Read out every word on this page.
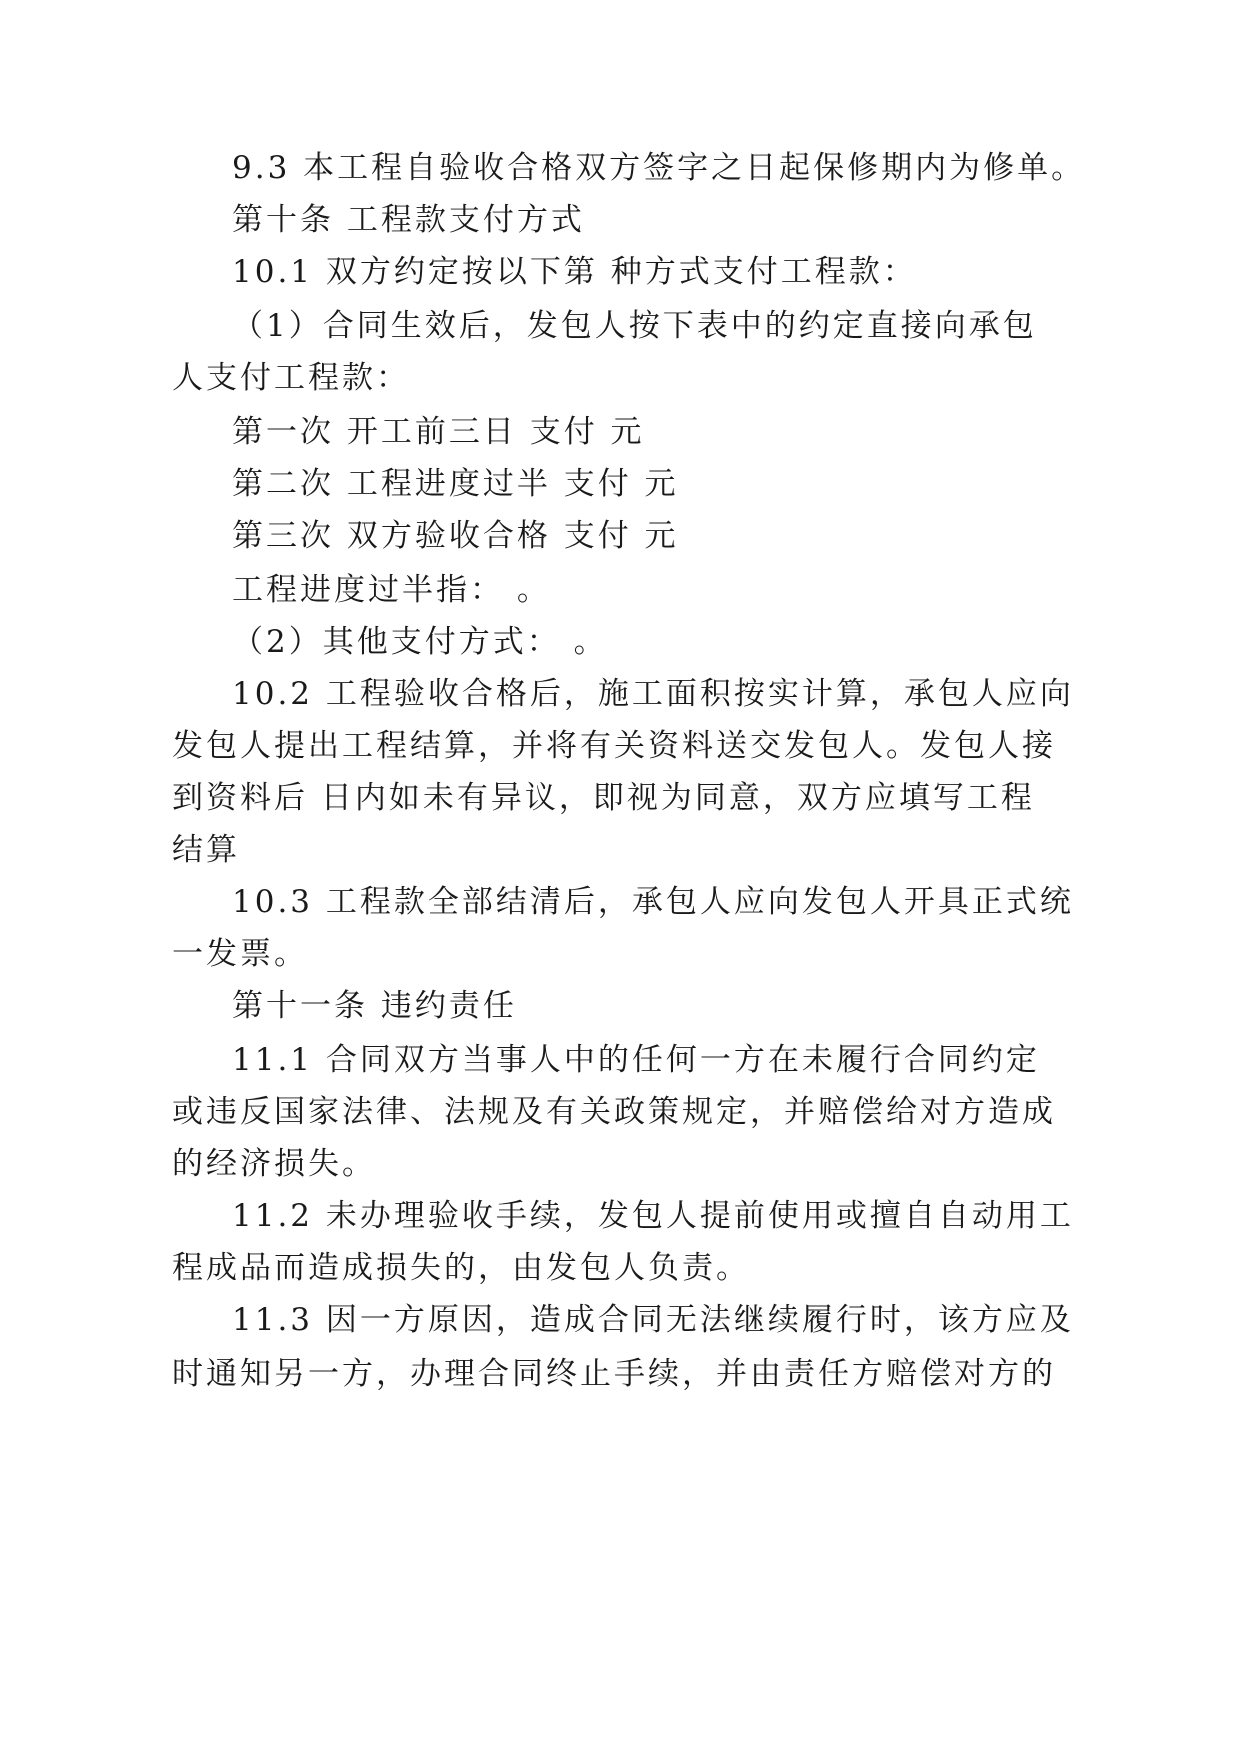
9.3 本工程自验收合格双方签字之日起保修期内为修单。
第十条 工程款支付方式
10.1 双方约定按以下第 种方式支付工程款：
（1）合同生效后，发包人按下表中的约定直接向承包
人支付工程款：
第一次 开工前三日 支付 元
第二次 工程进度过半 支付 元
第三次 双方验收合格 支付 元
工程进度过半指： 。
（2）其他支付方式： 。
10.2 工程验收合格后，施工面积按实计算，承包人应向
发包人提出工程结算，并将有关资料送交发包人。发包人接
到资料后 日内如未有异议，即视为同意，双方应填写工程
结算
10.3 工程款全部结清后，承包人应向发包人开具正式统
一发票。
第十一条 违约责任
11.1 合同双方当事人中的任何一方在未履行合同约定
或违反国家法律、法规及有关政策规定，并赔偿给对方造成
的经济损失。
11.2 未办理验收手续，发包人提前使用或擅自自动用工
程成品而造成损失的，由发包人负责。
11.3 因一方原因，造成合同无法继续履行时，该方应及
时通知另一方，办理合同终止手续，并由责任方赔偿对方的
